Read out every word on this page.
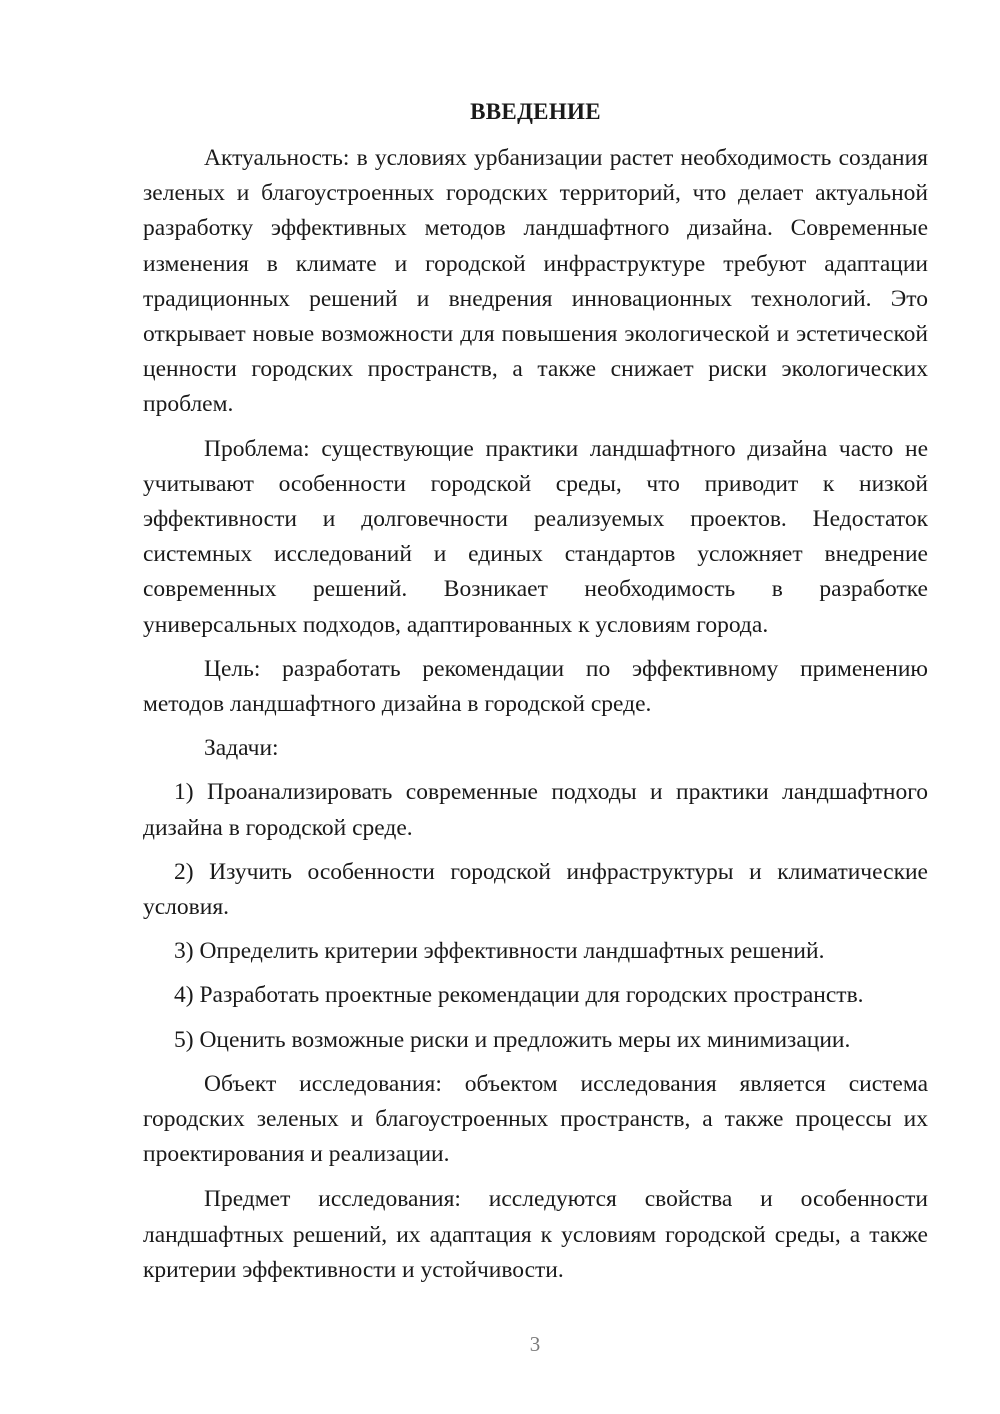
ВВЕДЕНИЕ

Актуальность: в условиях урбанизации растет необходимость создания зеленых и благоустроенных городских территорий, что делает актуальной разработку эффективных методов ландшафтного дизайна. Современные изменения в климате и городской инфраструктуре требуют адаптации традиционных решений и внедрения инновационных технологий. Это открывает новые возможности для повышения экологической и эстетической ценности городских пространств, а также снижает риски экологических проблем.

Проблема: существующие практики ландшафтного дизайна часто не учитывают особенности городской среды, что приводит к низкой эффективности и долговечности реализуемых проектов. Недостаток системных исследований и единых стандартов усложняет внедрение современных решений. Возникает необходимость в разработке универсальных подходов, адаптированных к условиям города.

Цель: разработать рекомендации по эффективному применению методов ландшафтного дизайна в городской среде.

Задачи:

1) Проанализировать современные подходы и практики ландшафтного дизайна в городской среде.

2) Изучить особенности городской инфраструктуры и климатические условия.

3) Определить критерии эффективности ландшафтных решений.

4) Разработать проектные рекомендации для городских пространств.

5) Оценить возможные риски и предложить меры их минимизации.

Объект исследования: объектом исследования является система городских зеленых и благоустроенных пространств, а также процессы их проектирования и реализации.

Предмет исследования: исследуются свойства и особенности ландшафтных решений, их адаптация к условиям городской среды, а также критерии эффективности и устойчивости.

3
